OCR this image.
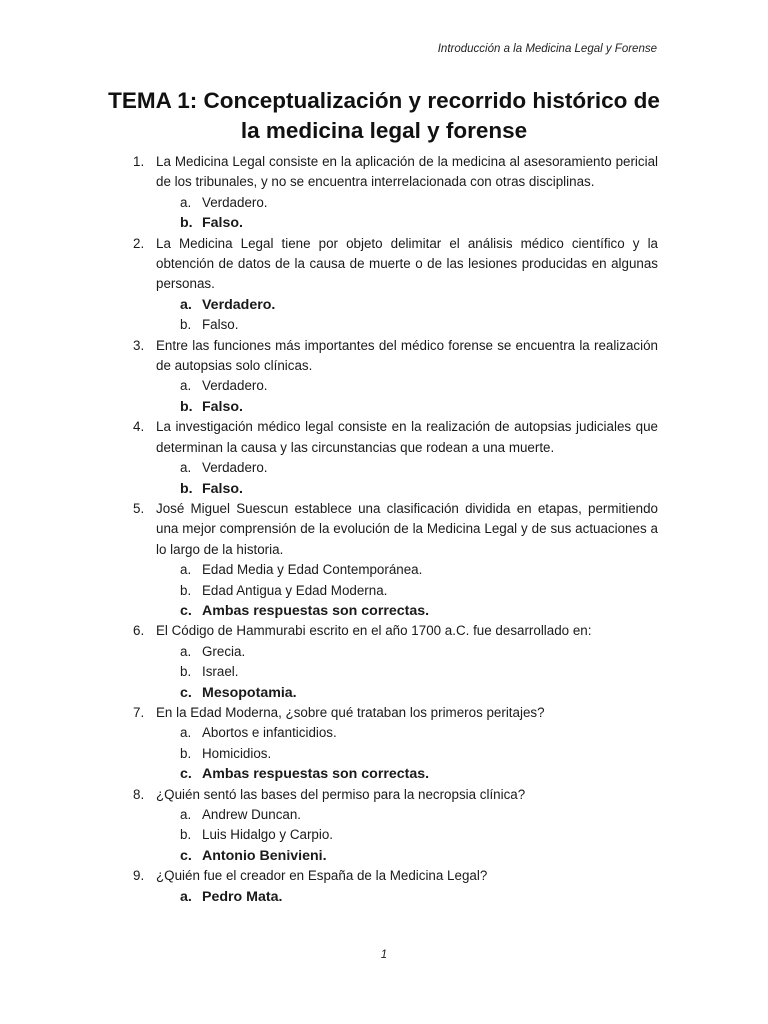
Introducción a la Medicina Legal y Forense
TEMA 1: Conceptualización y recorrido histórico de la medicina legal y forense
1. La Medicina Legal consiste en la aplicación de la medicina al asesoramiento pericial de los tribunales, y no se encuentra interrelacionada con otras disciplinas.
a. Verdadero.
b. Falso.
2. La Medicina Legal tiene por objeto delimitar el análisis médico científico y la obtención de datos de la causa de muerte o de las lesiones producidas en algunas personas.
a. Verdadero.
b. Falso.
3. Entre las funciones más importantes del médico forense se encuentra la realización de autopsias solo clínicas.
a. Verdadero.
b. Falso.
4. La investigación médico legal consiste en la realización de autopsias judiciales que determinan la causa y las circunstancias que rodean a una muerte.
a. Verdadero.
b. Falso.
5. José Miguel Suescun establece una clasificación dividida en etapas, permitiendo una mejor comprensión de la evolución de la Medicina Legal y de sus actuaciones a lo largo de la historia.
a. Edad Media y Edad Contemporánea.
b. Edad Antigua y Edad Moderna.
c. Ambas respuestas son correctas.
6. El Código de Hammurabi escrito en el año 1700 a.C. fue desarrollado en:
a. Grecia.
b. Israel.
c. Mesopotamia.
7. En la Edad Moderna, ¿sobre qué trataban los primeros peritajes?
a. Abortos e infanticidios.
b. Homicidios.
c. Ambas respuestas son correctas.
8. ¿Quién sentó las bases del permiso para la necropsia clínica?
a. Andrew Duncan.
b. Luis Hidalgo y Carpio.
c. Antonio Benivieni.
9. ¿Quién fue el creador en España de la Medicina Legal?
a. Pedro Mata.
1
